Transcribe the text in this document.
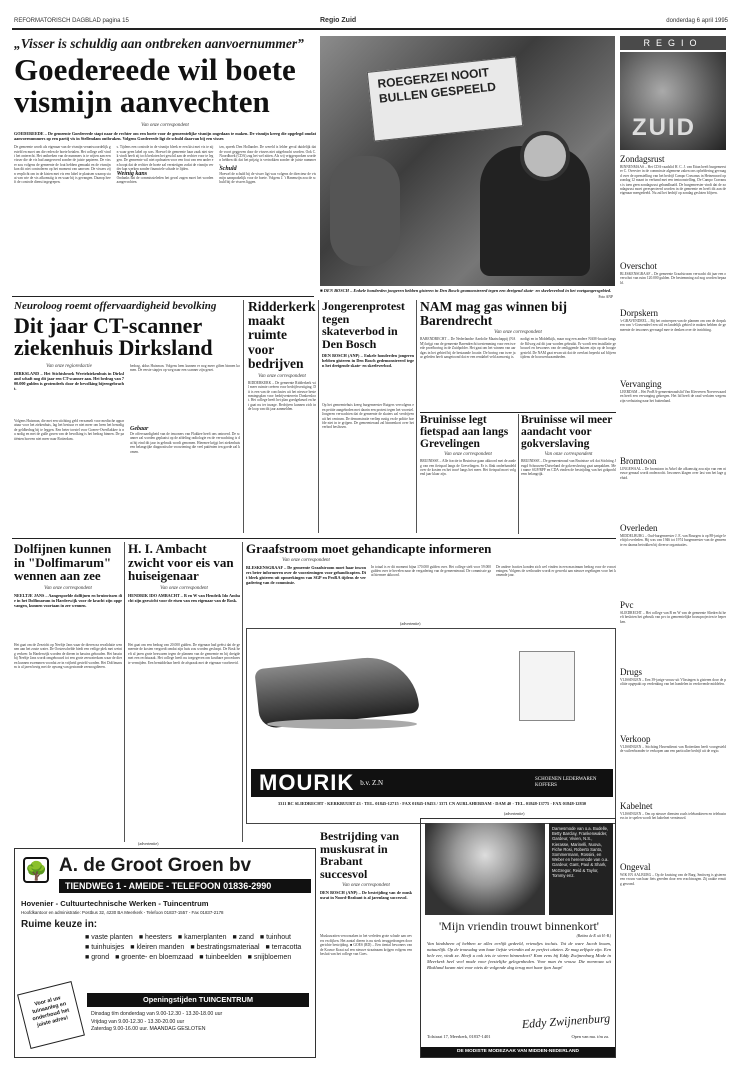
REFORMATORISCH DAGBLAD pagina 15	Regio Zuid	donderdag 6 april 1995
„Visser is schuldig aan ontbreken aanvoernummer”
Goedereede wil boete vismijn aanvechten
Van onze correspondent
GOEDEREEDE – De gemeente Goedereede stapt naar de rechter om een boete voor de gemeentelijke vismijn ongedaan te maken. De vismijn kreeg die opgelegd omdat aanvoernummers op een partij vis in Stellendam ontbraken. Volgens Goedereede ligt de schuld daarvan bij een visser.
De gemeente wordt als eigenaar van de vismijn verantwoordelijk gesteld en moet om die reden de boete betalen. Het college zelf vindt het onterecht. Het ontbreken van de nummers is te wijten aan een visser die de vis had aangevoerd zonder de juiste papieren. De visser zou volgens de gemeente de fout hebben gemaakt en de vismijn kon dit niet controleren op het moment van aanvoer. De vissers zijn verplicht om in de kisten met vis een label te plaatsen waarop staat van wie de vis afkomstig is en waar hij is gevangen. Daarop heeft de controle dienst ingegrepen.
s. Tijdens een controle in de vismijn bleek er een kist met vis te zijn waar geen label op was. Hoewel de gemeente haar zaak niet sterk vindt heeft zij toch besloten het geschil aan de rechter voor te leggen. De gemeente wil niet opdraaien voor een fout van een ander en hoopt dat de rechter de boete zal vernietigen zodat de vismijn verder kan werken zonder financiele schade te lijden.
Weinig kans
Ondanks dat de commissieleden het geval zagen moet het worden aangevochten.
tzn, spreek Den Hollander. De wereld is lelder geval duidelijk dat de voort geggeven door de vissers niet uitgebracht worden. Ook C. Noordhoek (CDA) zag het wel zitten. Als wij vriggesproken worden hebben dit dat het prijzig is vertrokken zonder de juiste nummers.
Schuld
Hoewel de schuld bij de visser ligt was volgens de directeur de vismijn aansprakelijk voor de boete. Volgens J. 't Hanenzijn zou de schuld bij de vissers liggen.
ROEGERZEI NOOIT BULLEN GESPEELD
■ DEN BOSCH – Enkele honderden jongeren hebben gisteren in Den Bosch geamonstreerd tegen een dreigend skate- en skeeleverbod in het voetgangersgebied.
Foto ANP
REGIO
ZUID
Zondagsrust
BINNENMAAS – Het CDA-raadslid H. C. J. van Ettan heeft burgemeester C. Overvier in de commissie algemene zaken ons opheldering gevraagd over de openstelling van het bedrijf Campo Cravanus in Heinenoord op zondag 12 maart in verband met een tentoonstelling. De Campo Cravanus is toen geen zondagsrust gehandhaafd. De burgemeester vindt dat de zondagsrust moet gerespecteerd worden in de gemeente en heeft dit aan de eigenaar meegedeeld. Nu zal het bedrijf op zondag gesloten blijven.
Overschot
BLESKENSGRAAF – De gemeente Graafstroom verwacht dit jaar een overschot van ruim 120.000 gulden. De bestemming zal nog worden bepaald.
Dorpskern
's-GRAVENDEEL – Bij het ontwerpen van de plannen om van de dorpskern van 's-Gravendeel een stil en landelijk gebied te maken hebben de gemeente de inwoners gevraagd mee te denken over de inrichting.
Vervanging
LEERDAM – Het ProRA-gemeenteraadslid Van Kleeveren Noeverwaarden heeft een vervanging gekregen. Het lid heeft de raad verlaten wegens zijn verhuizing naar het buitenland.
Bromtoon
LINGEWAAL – De bromtoon in Arkel die afkomstig zou zijn van een nieuwe gemaal wordt onderzocht. Inwoners klagen over last van het lage geluid.
Overleden
MIDDELBURG – Oud-burgemeester J. E. van Bourgen is op 88-jarige leeftijd overleden. Hij was van 1946 tot 1974 burgemeester van de gemeente en daarna betrokken bij diverse organisaties.
Pvc
SLIEDRECHT – Het college van B en W van de gemeente Sliedrecht heeft besloten het gebruik van pvc in gemeentelijke bouwprojecten te beperken.
Drugs
VLISSINGEN – Een 39-jarige vrouw uit Vlissingen is gisteren door de politie opgepakt op verdenking van het handelen in verdovende middelen.
Verkoop
VLISSINGEN – Stichting Havendienst van Rotterdam heeft voorgesteld de vuilverbrander te verkopen aan een particulier bedrijf uit de regio.
Kabelnet
VLISSINGEN – Om op nieuwe diensten zoals telebankieren en telebusiness in te spelen wordt het kabelnet vernieuwd.
Ongeval
WIK EN AALBURG – Op de kruising van de Burg. Smitweg is gisteren een vrouw van haar fiets gereden door een vrachtwagen. Zij raakte ernstig gewond.
Neuroloog roemt offervaardigheid bevolking
Dit jaar CT-scanner ziekenhuis Dirksland
Van onze regioredactie
DIRKSLAND – Het Stichtsbroek Wertelziekenhuis in Dirksland schaft nog dit jaar een CT-scanner aan. Het bedrag van 700.000 gulden is grotendeels door de bevolking bijeengebracht.
Volgens Huisman, die met een stichting geld verzamelt voor medische apparatuur voor het ziekenhuis, lag het bestuur er niet meer om heen het benodigde geldbedrag bij te leggen. Een beter toestel voor Goeree-Overflakkee is nu nodig en met de gulle gaven van de bevolking is het bedrag binnen. De patiënten hoeven niet meer naar Rotterdam.
bedrag, aldus Huisman. Volgens hem kunnen er nog meer giften binnen komen. De eerste stapjes op weg naar een scanner zijn gezet.
Gebaar
De offervaardigheid van de inwoners van Flakkee heeft ons ontroerd. De scanner zal worden geplaatst op de afdeling radiologie en de verwachting is dat hij eind dit jaar in gebruik wordt genomen. Hiermee krijgt het ziekenhuis een belangrijke diagnostische voorziening die veel patiënten ten goede zal komen.
Ridderkerk maakt ruimte voor bedrijven
Van onze correspondent
RIDDERKERK – De gemeente Ridderkerk wil meer ruimte creëren voor bedrijfsvestiging. Dit is een van de conclusies uit het nieuwe bestemmingsplan voor bedrijventerrein Donkersloot. Het college heeft het plan goedgekeurd en het gaat nu ter inzage. Bedrijven kunnen zich in de loop van dit jaar aanmelden.
Jongerenprotest tegen skateverbod in Den Bosch
DEN BOSCH (ANP) – Enkele honderden jongeren hebben gisteren in Den Bosch gedemonstreerd tegen het dreigende skate- en skeeleverbod.
Op het gemeentehuis kreeg burgemeester Rutgers vervolgens een petitie aangeboden met daarin een protest tegen het voorstel. Jongeren verwachten dat de gemeente de skaters zal verdrijven uit het centrum. De demonstratie verliep rustig en de politie hoefde niet in te grijpen. De gemeenteraad zal binnenkort over het verbod beslissen.
NAM mag gas winnen bij Barendrecht
Van onze correspondent
BARENDRECHT – De Nederlandse Aardolie Maatschappij (NAM) krijgt van de gemeente Barendrecht toestemming voor een tweede proefboring in de Zuidpolder. Het gaat om het winnen van aardgas in het gebied bij de bestaande locatie. De boring van twee jaar geleden heeft aangetoond dat er een rendabel veld aanwezig is.
nodigt en in Middelkijk, maar nog een andere NAM-locatie langs de Kilweg zal dit jaar worden gebruikt. Er wordt een installatie gebouwd en bewoners van de omliggende huizen zijn op de hoogte gesteld. De NAM gaat ervan uit dat de overlast beperkt zal blijven tijdens de boorwerkzaamheden.
Bruinisse legt fietspad aan langs Grevelingen
Van onze correspondent
BRUINISSE – Alle fractie in Bruinisse gaan akkoord met de aanleg van een fietspad langs de Grevelingen. Er is flink onderhandeld over de kosten en het tracé langs het meer. Het fietspad moet volgend jaar klaar zijn.
Bruinisse wil meer aandacht voor gokverslaving
Van onze correspondent
BRUINISSE – De gemeenteraad van Bruinisse wil dat Stichting Jeugd Schouwen-Duiveland de gokverslaving gaat aanpakken. Met name SGP/RPF en CDA vinden de bestrijding van het gokprobleem belangrijk.
Dolfijnen kunnen in "Dolfimarum" wennen aan zee
Van onze correspondent
NEELTJE JANS – Aangespoelde dolfijnen en bruinvissen die in het Dolfimarum in Harderwijk voor de kracht zijn opgevangen, kunnen voortaan in zee wennen.
Het gaat om de Zeezicht op Neeltje Jans waar de dieren na revalidatie wennen aan het zoute water. De Oosterschelde biedt een veilige plek met weinig verkeer. In Harderwijk worden de dieren in bassins gehouden. Het bassin bij Neeltje Jans wordt omgebouwd tot een grote zeewaterkom waar de dieren kunnen zwemmen voordat ze in vrijheid gesteld worden. Het Dolfimarum is al jaren bezig met de opvang van gestrande zeezoogdieren.
H. I. Ambacht zwicht voor eis van huiseigenaar
Van onze correspondent
HENDRIK IDO AMBACHT – B en W van Hendrik Ido Ambacht zijn gezwicht voor de eisen van een eigenaar van de Bosk.
Het gaat om een bedrag van 20.000 gulden. De eigenaar had geëist dat de gemeente de kosten vergoedt omdat zijn huis zou worden gesloopt. De Bosk heeft al jaren grote bezwaren tegen de plannen van de gemeente en hij dreigde met een rechtszaak. Het college heeft nu toegegeven om kostbare procedures te vermijden. Een bemiddelaar heeft de afspraak met de eigenaar voorbereid.
Graafstroom moet gehandicapte informeren
Van onze correspondent
BLESKENSGRAAF – De gemeente Graafstroom moet haar inwoners beter informeren over de voorzieningen voor gehandicapten. Dit bleek gisteren uit opmerkingen van SGP en ProRA tijdens de vergadering van de commissie.
In totaal is er dit moment bijna 170.000 gulden over. Het college stelt voor 59.000 gulden over te hevelen naar de vergadering van de gemeenteraad. De commissie gaat hiermee akkoord.
De andere fracties konden zich wel vinden in een maximum bedrag voor de voorzieningen. Volgens de wethouder wordt er gewerkt aan nieuwe regelingen voor het komende jaar.
(advertentie)
MOURIK b.v. Z.N	SCHOENEN LEDERWAREN KOFFERS
3311 BC SLIEDRECHT · KERKBUURT 43 · TEL. 01845-12715 · FAX 01845-19453 / 3371 CN AURLAHERDAM · DAM 40 · TEL. 01848-13775 · FAX 01848-12830
(advertentie)
🌳 A. de Groot Groen bv
TIENDWEG 1 - AMEIDE - TELEFOON 01836-2990
Hovenier - Cultuurtechnische Werken - Tuincentrum
Hoofdkantoor en administratie: Postbus 32, 4230 BA Meerkerk - Telefoon 01837-1557 - Fax 01837-2178
Ruime keuze in:
■ vaste planten ■ heesters ■ kamerplanten ■ zand ■ tuinhout
■ tuinhuisjes ■ kleiren manden ■ bestratingsmateriaal ■ terracotta
■ grond ■ groente- en bloemzaad ■ tuinbeelden ■ snijbloemen
Voor al uw tuinaanleg en onderhoud het juiste adres!
Openingstijden TUINCENTRUM
Dinsdag t/m donderdag van 9.00-12.30 - 13.30-18.00 uur
Vrijdag van 9.00-12.30 - 13.30-20.00 uur
Zaterdag 9.00-16.00 uur. MAANDAG GESLOTEN
Bestrijding van muskusrat in Brabant succesvol
Van onze correspondent
DEN BOSCH (ANP) – De bestrijding van de muskusrat in Noord-Brabant is al jarenlang succesvol.
Muskusratten veroorzaken in het verleden grote schade aan oevers en dijken. Het aantal dieren is nu sterk teruggedrongen door gerichte bestrijding. ■ GOES (RD) – Een tiental bewoners van de Kouwe Kraai zal een nieuwe straatnaam krijgen volgens een besluit van het college van Goes.
(advertentie)
Damesmode van o.a. Budelle, Betty Barclay, Frankenwalder, Gardeur, Vivien, N.S., Kierasse, Marinelli, Nuova, Fiche Rosi, Roberto Santo, Sommermann, Rossini, en Weber en herenmode van o.a. Gardeur, Gant, Paul & Shark, McGregor, Reid & Taylor, Tommy enz.
'Mijn vriendin trouwt binnenkort'
(Bettina de R. uit H.-B.)
Van kindsheen af hebben ze alles eerlijk gedeeld, vriendjes incluis. Tot de ware Jacob kwam, natuurlijk. Op de trouwdag van haar liefste vriendin zal ze perfect uitzien. Ze mag zelfspie zijn. Een hele eer, vindt ze. Heeft u ook iets te vieren binnenkort? Kom eens bij Eddy Zwijnenburg Mode in Meerkerk heel veel mode voor feestelijke gelegenheden. Voor man én vrouw. Die menrouw uit Blokland kwam niet voor niets de volgende dag terug met haar ijan Jaap!
Eddy Zwijnenburg
Tolstraat 17, Meerkerk, 01837-1401	Open van ma. t/m za.
DE MODISTE MODEZAAK VAN MIDDEN-NEDERLAND
